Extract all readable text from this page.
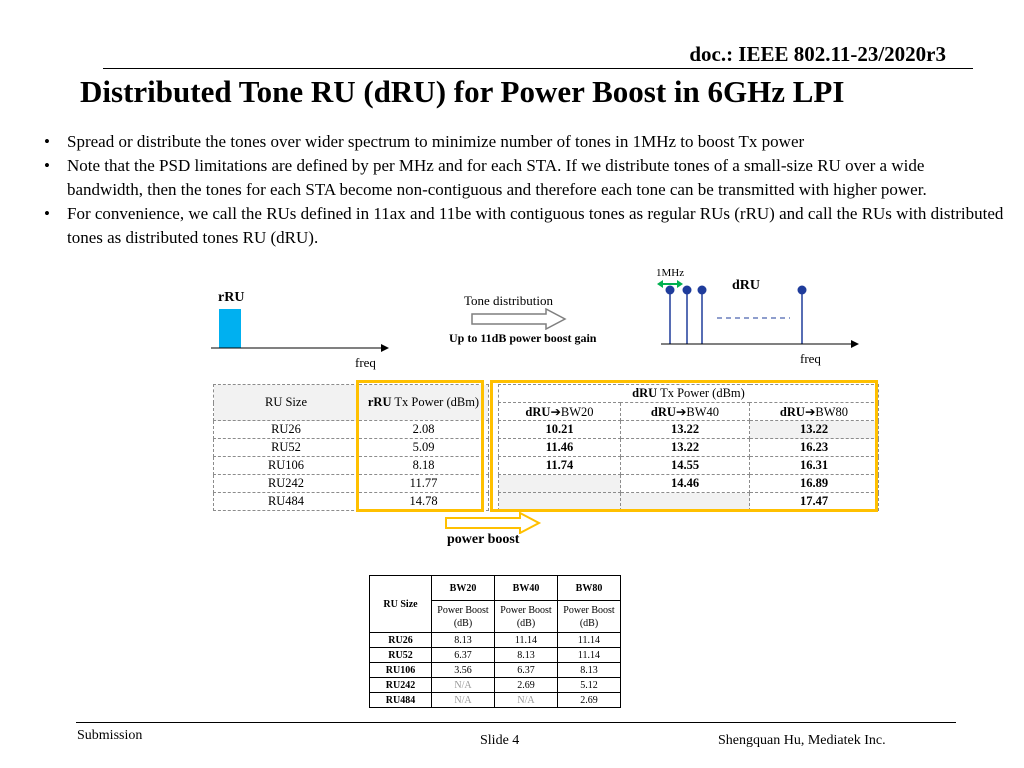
doc.: IEEE 802.11-23/2020r3
Distributed Tone RU (dRU) for Power Boost in 6GHz LPI
• Spread or distribute the tones over wider spectrum to minimize number of tones in 1MHz to boost Tx power
• Note that the PSD limitations are defined by per MHz and for each STA. If we distribute tones of a small-size RU over a wide bandwidth, then the tones for each STA become non-contiguous and therefore each tone can be transmitted with higher power.
• For convenience, we call the RUs defined in 11ax and 11be with contiguous tones as regular RUs (rRU) and call the RUs with distributed tones as distributed tones RU (dRU).
rRU
freq
Tone distribution
Up to 11dB power boost gain
1MHz
dRU
freq
RU Size	rRU Tx Power (dBm)		dRU Tx Power (dBm)		
			dRU➔BW20	dRU➔BW40	dRU➔BW80
RU26	2.08		10.21	13.22	13.22
RU52	5.09		11.46	13.22	16.23
RU106	8.18		11.74	14.55	16.31
RU242	11.77			14.46	16.89
RU484	14.78				17.47
power boost
RU Size	BW20	BW40	BW80
	Power Boost
(dB)	Power Boost
(dB)	Power Boost
(dB)
RU26	8.13	11.14	11.14
RU52	6.37	8.13	11.14
RU106	3.56	6.37	8.13
RU242	N/A	2.69	5.12
RU484	N/A	N/A	2.69
Submission	Slide 4	Shengquan Hu, Mediatek Inc.
